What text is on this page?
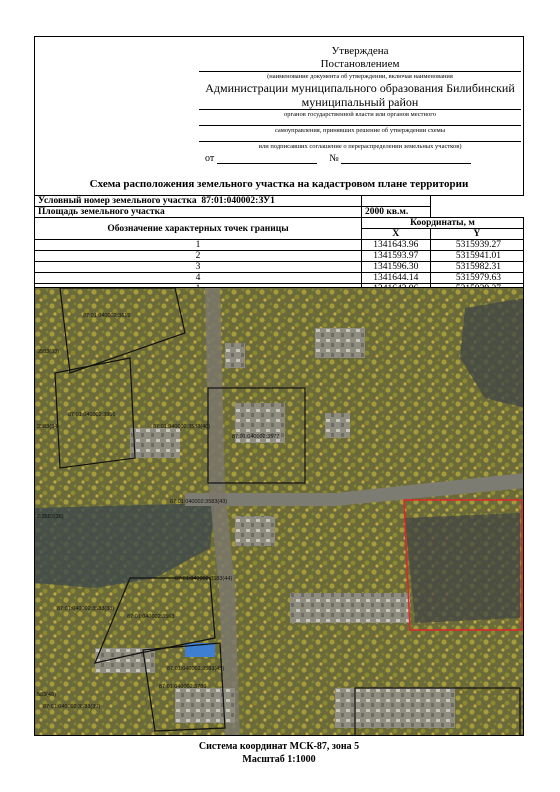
Утверждена
Постановлением
(наименование документа об утверждении, включая наименования
Администрации муниципального образования Билибинский
муниципальный район
органов государственной власти или органов местного
самоуправления, принявших решение об утверждении схемы
или подписавших соглашение о перераспределении земельных участков)
от	№
Схема расположения земельного участка на кадастровом плане территории
Условный номер земельного участка 87:01:040002:ЗУ1		
Площадь земельного участка	2000 кв.м.	
Обозначение характерных точек границы	Координаты, м	
	X	Y
1	1341643.96	5315939.27
2	1341593.97	5315941.01
3	1341596.30	5315982.31
4	1341644.14	5315979.63

87:01:040002:3619
3583(33)
87:01:040002:3956
3583(34)	87:01:040002:3583(40)
87:01:040002:3577
87:01:040002:3583(43)
2:3583(36)
87:01:040002:3583(44)
87:01:040002:3583(38)
87:01:040002:3563
87:01:040002:3583(45)
87:01:040002:3789
583(48)
87:01:040002:3583(39)
Система координат МСК-87, зона 5
Масштаб 1:1000
